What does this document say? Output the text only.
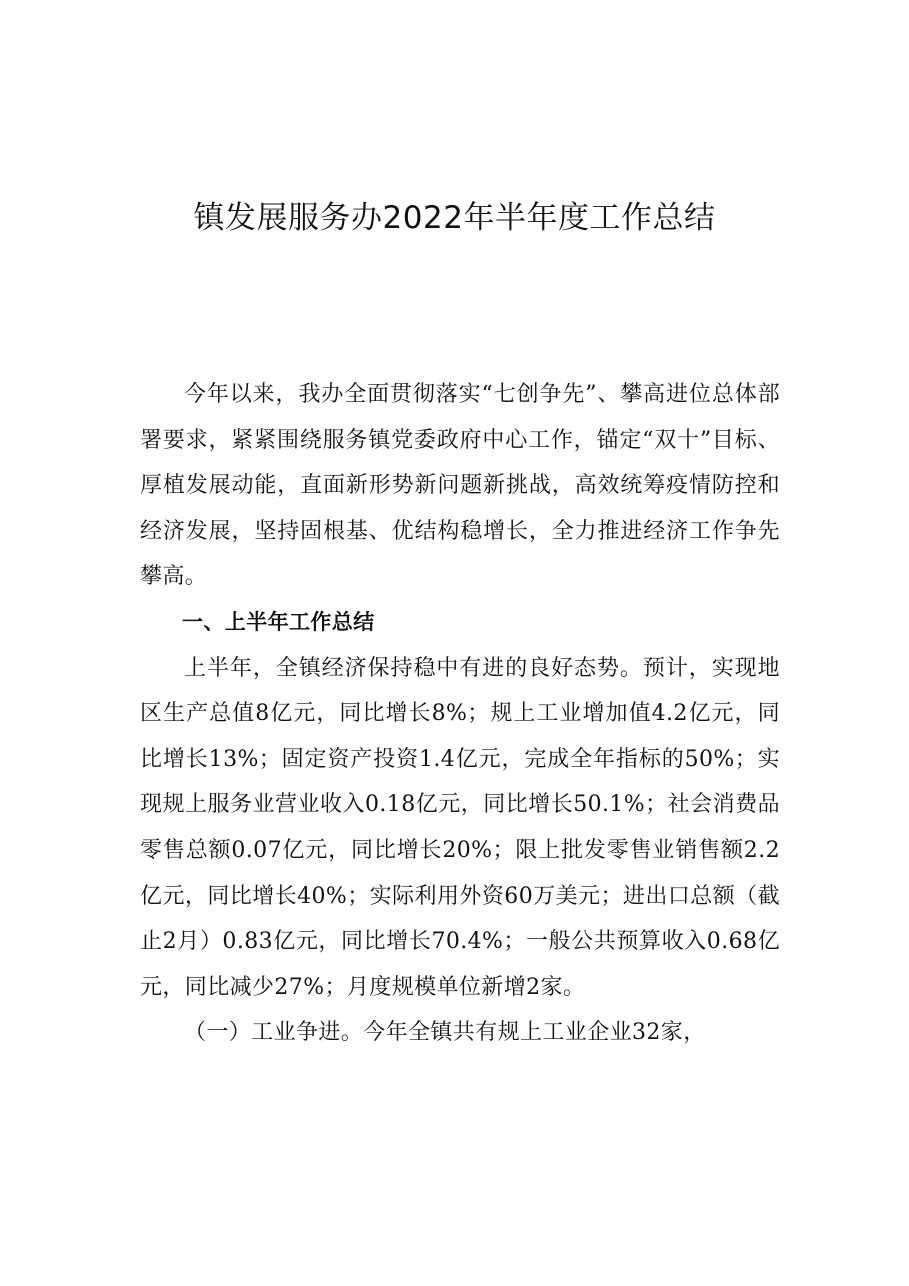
镇发展服务办2022年半年度工作总结

今年以来，我办全面贯彻落实“七创争先”、攀高进位总体部署要求，紧紧围绕服务镇党委政府中心工作，锚定“双十”目标、厚植发展动能，直面新形势新问题新挑战，高效统筹疫情防控和经济发展，坚持固根基、优结构稳增长，全力推进经济工作争先攀高。

一、上半年工作总结

上半年，全镇经济保持稳中有进的良好态势。预计，实现地区生产总值8亿元，同比增长8%；规上工业增加值4.2亿元，同比增长13%；固定资产投资1.4亿元，完成全年指标的50%；实现规上服务业营业收入0.18亿元，同比增长50.1%；社会消费品零售总额0.07亿元，同比增长20%；限上批发零售业销售额2.2亿元，同比增长40%；实际利用外资60万美元；进出口总额（截止2月）0.83亿元，同比增长70.4%；一般公共预算收入0.68亿元，同比减少27%；月度规模单位新增2家。

（一）工业争进。今年全镇共有规上工业企业32家，
